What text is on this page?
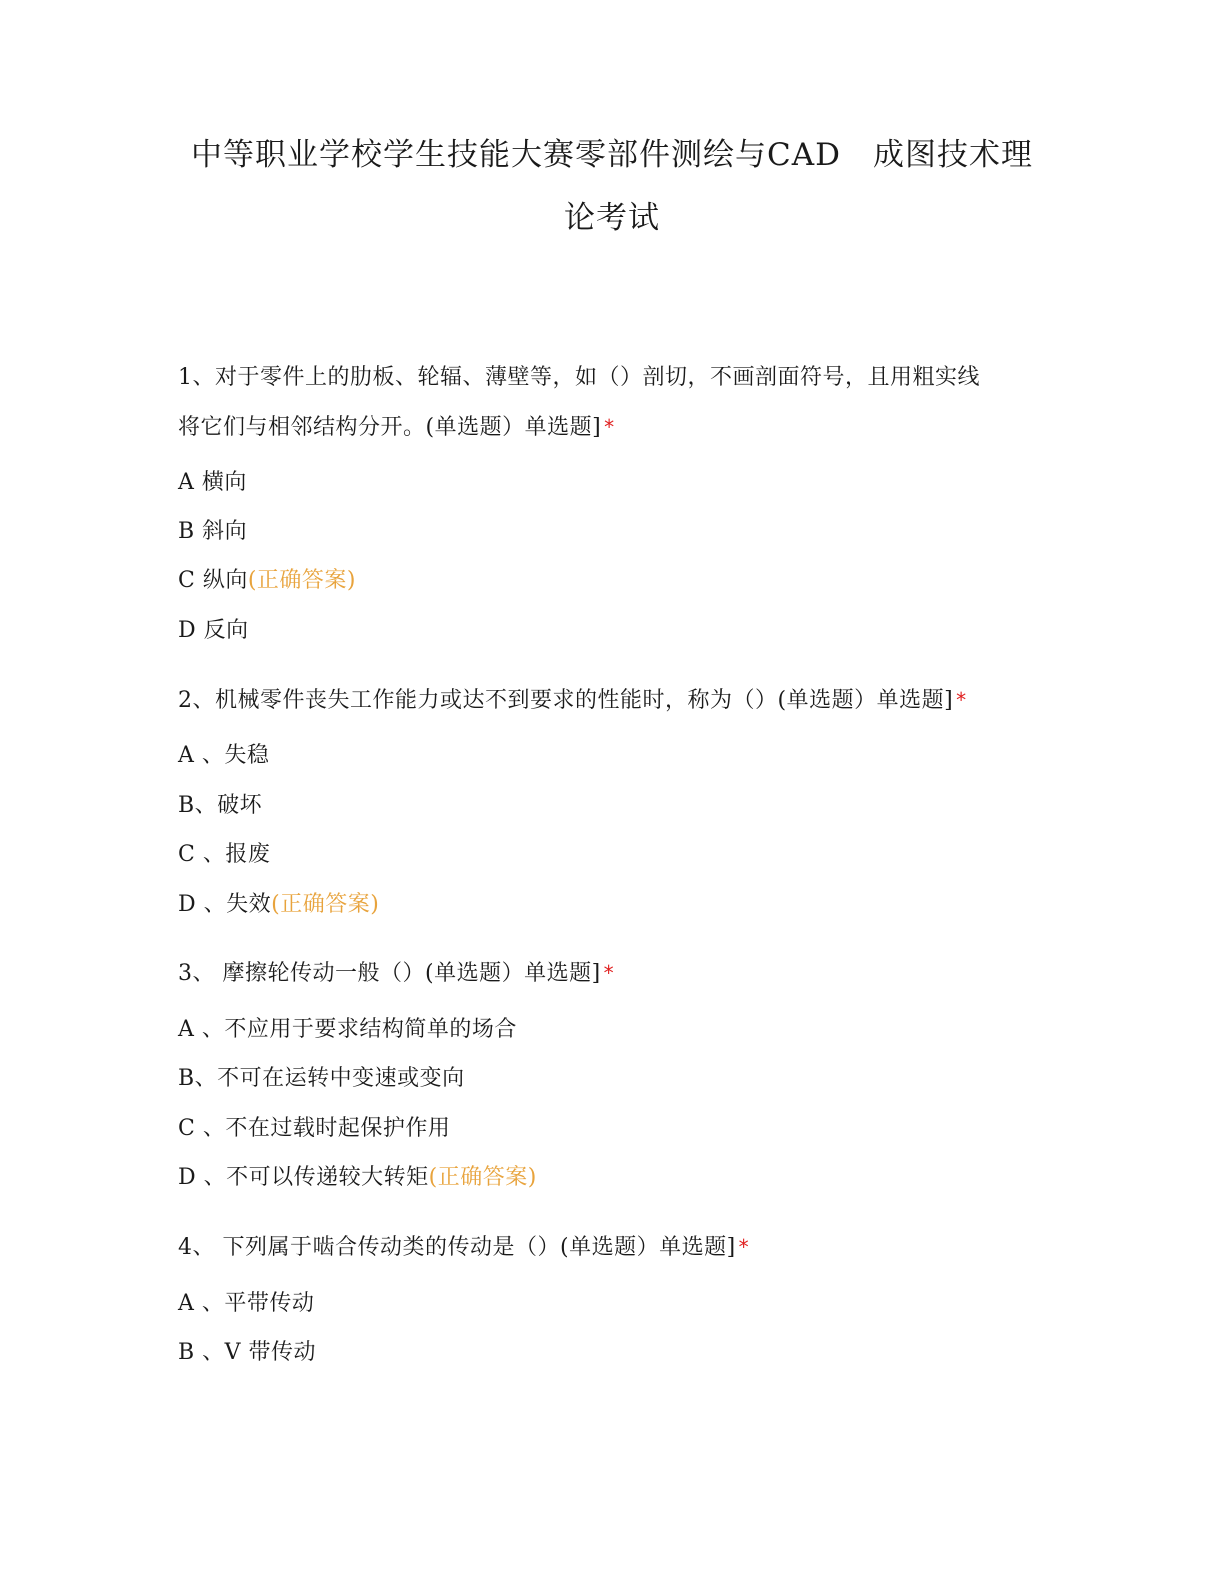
中等职业学校学生技能大赛零部件测绘与CAD　成图技术理
论考试
1、对于零件上的肋板、轮辐、薄壁等，如（）剖切，不画剖面符号，且用粗实线
将它们与相邻结构分开。(单选题）单选题] *
A 横向
B 斜向
C 纵向(正确答案)
D 反向
2、机械零件丧失工作能力或达不到要求的性能时，称为（）(单选题）单选题] *
A 、失稳
B、破坏
C 、报废
D 、失效(正确答案)
3、 摩擦轮传动一般（）(单选题）单选题] *
A 、不应用于要求结构简单的场合
B、不可在运转中变速或变向
C 、不在过载时起保护作用
D 、不可以传递较大转矩(正确答案)
4、 下列属于啮合传动类的传动是（）(单选题）单选题] *
A 、平带传动
B 、V 带传动
